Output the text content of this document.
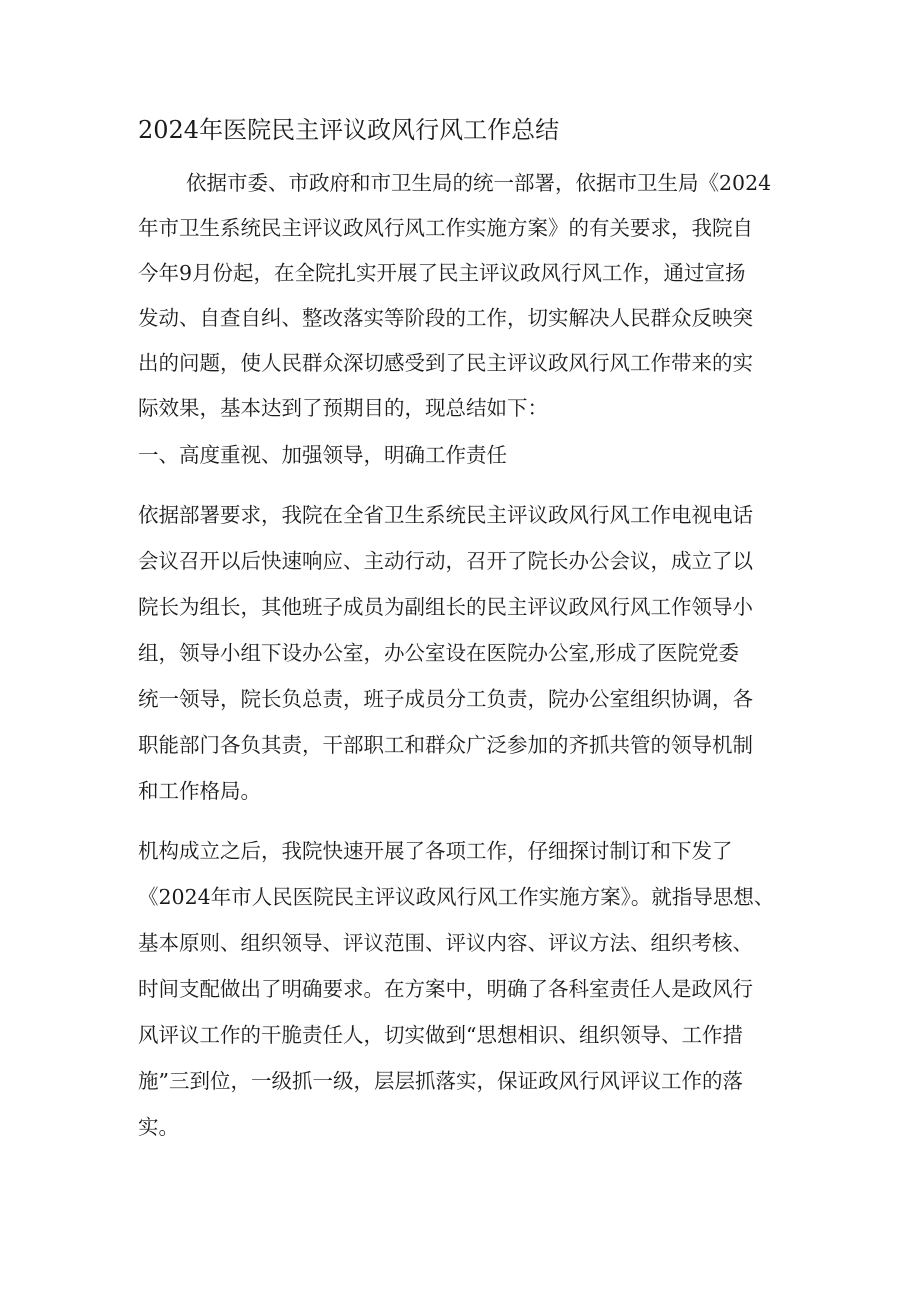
2024年医院民主评议政风行风工作总结
依据市委、市政府和市卫生局的统一部署，依据市卫生局《2024
年市卫生系统民主评议政风行风工作实施方案》的有关要求，我院自
今年9月份起，在全院扎实开展了民主评议政风行风工作，通过宣扬
发动、自查自纠、整改落实等阶段的工作，切实解决人民群众反映突
出的问题，使人民群众深切感受到了民主评议政风行风工作带来的实
际效果，基本达到了预期目的，现总结如下：
一、高度重视、加强领导，明确工作责任
依据部署要求，我院在全省卫生系统民主评议政风行风工作电视电话
会议召开以后快速响应、主动行动，召开了院长办公会议，成立了以
院长为组长，其他班子成员为副组长的民主评议政风行风工作领导小
组，领导小组下设办公室，办公室设在医院办公室,形成了医院党委
统一领导，院长负总责，班子成员分工负责，院办公室组织协调，各
职能部门各负其责，干部职工和群众广泛参加的齐抓共管的领导机制
和工作格局。
机构成立之后，我院快速开展了各项工作，仔细探讨制订和下发了
《2024年市人民医院民主评议政风行风工作实施方案》。就指导思想、
基本原则、组织领导、评议范围、评议内容、评议方法、组织考核、
时间支配做出了明确要求。在方案中，明确了各科室责任人是政风行
风评议工作的干脆责任人，切实做到“思想相识、组织领导、工作措
施”三到位，一级抓一级，层层抓落实，保证政风行风评议工作的落
实。
